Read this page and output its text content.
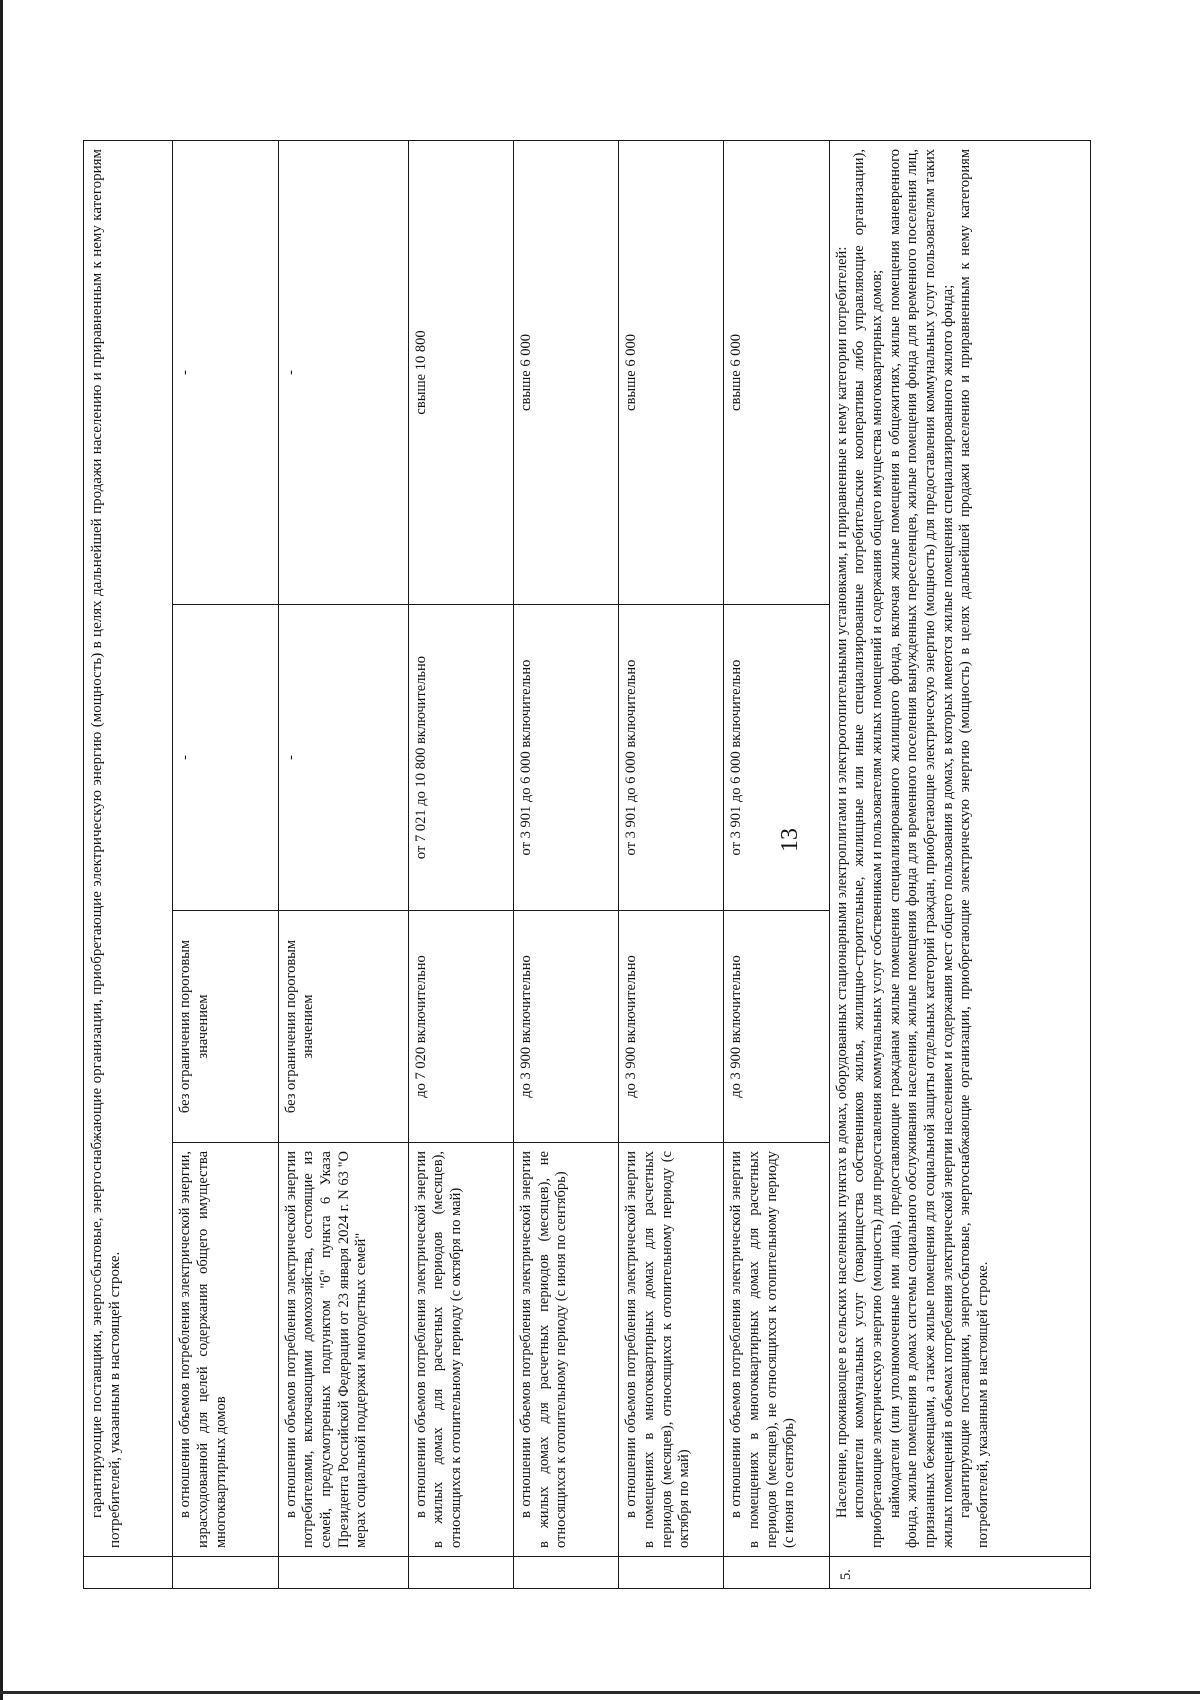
13
	гарантирующие поставщики, энергосбытовые, энергоснабжающие организации, приобретающие электрическую энергию (мощность) в целях дальнейшей продажи населению и приравненным к нему категориям потребителей, указанным в настоящей строке.			
	в отношении объемов потребления электрической энергии, израсходованной для целей содержания общего имущества многоквартирных домов	без ограничения пороговым значением	-	-

	в отношении объемов потребления электрической энергии потребителями, включающими домохозяйства, состоящие из семей, предусмотренных подпунктом "б" пункта 6 Указа Президента Российской Федерации от 23 января 2024 г. N 63 "О мерах социальной поддержки многодетных семей"	без ограничения пороговым значением	-	-

	в отношении объемов потребления электрической энергии в жилых домах для расчетных периодов (месяцев), относящихся к отопительному периоду (с октября по май)	до 7 020 включительно	от 7 021 до 10 800 включительно	свыше 10 800
	в отношении объемов потребления электрической энергии в жилых домах для расчетных периодов (месяцев), не относящихся к отопительному периоду (с июня по сентябрь)	до 3 900 включительно	от 3 901 до 6 000 включительно	свыше 6 000
	в отношении объемов потребления электрической энергии в помещениях в многоквартирных домах для расчетных периодов (месяцев), относящихся к отопительному периоду (с октября по май)	до 3 900 включительно	от 3 901 до 6 000 включительно	свыше 6 000
	в отношении объемов потребления электрической энергии в помещениях в многоквартирных домах для расчетных периодов (месяцев), не относящихся к отопительному периоду (с июня по сентябрь)	до 3 900 включительно	от 3 901 до 6 000 включительно	свыше 6 000
5.	Население, проживающее в сельских населенных пунктах в домах, оборудованных стационарными электроплитами и электроотопительными установками, и приравненные к нему категории потребителей: исполнители коммунальных услуг (товарищества собственников жилья, жилищно-строительные, жилищные или иные специализированные потребительские кооперативы либо управляющие организации), приобретающие электрическую энергию (мощность) для предоставления коммунальных услуг собственникам и пользователям жилых помещений и содержания общего имущества многоквартирных домов; наймодатели (или уполномоченные ими лица), предоставляющие гражданам жилые помещения специализированного жилищного фонда, включая жилые помещения в общежитиях, жилые помещения маневренного фонда, жилые помещения в домах системы социального обслуживания населения, жилые помещения фонда для временного поселения вынужденных переселенцев, жилые помещения фонда для временного поселения лиц, признанных беженцами, а также жилые помещения для социальной защиты отдельных категорий граждан, приобретающие электрическую энергию (мощность) для предоставления коммунальных услуг пользователям таких жилых помещений в объемах потребления электрической энергии населением и содержания мест общего пользования в домах, в которых имеются жилые помещения специализированного жилого фонда; гарантирующие поставщики, энергосбытовые, энергоснабжающие организации, приобретающие электрическую энергию (мощность) в целях дальнейшей продажи населению и приравненным к нему категориям потребителей, указанным в настоящей строке.			
